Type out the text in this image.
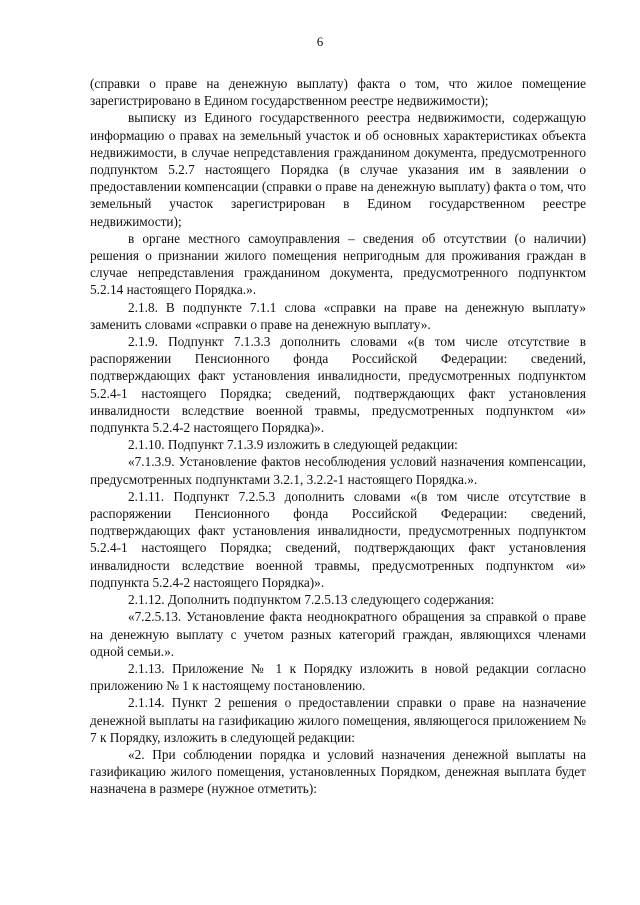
6

(справки о праве на денежную выплату) факта о том, что жилое помещение зарегистрировано в Едином государственном реестре недвижимости);

выписку из Единого государственного реестра недвижимости, содержащую информацию о правах на земельный участок и об основных характеристиках объекта недвижимости, в случае непредставления гражданином документа, предусмотренного подпунктом 5.2.7 настоящего Порядка (в случае указания им в заявлении о предоставлении компенсации (справки о праве на денежную выплату) факта о том, что земельный участок зарегистрирован в Едином государственном реестре недвижимости);

в органе местного самоуправления – сведения об отсутствии (о наличии) решения о признании жилого помещения непригодным для проживания граждан в случае непредставления гражданином документа, предусмотренного подпунктом 5.2.14 настоящего Порядка.».

2.1.8. В подпункте 7.1.1 слова «справки на праве на денежную выплату» заменить словами «справки о праве на денежную выплату».

2.1.9. Подпункт 7.1.3.3 дополнить словами «(в том числе отсутствие в распоряжении Пенсионного фонда Российской Федерации: сведений, подтверждающих факт установления инвалидности, предусмотренных подпунктом 5.2.4-1 настоящего Порядка; сведений, подтверждающих факт установления инвалидности вследствие военной травмы, предусмотренных подпунктом «и» подпункта 5.2.4-2 настоящего Порядка)».

2.1.10. Подпункт 7.1.3.9 изложить в следующей редакции:

«7.1.3.9. Установление фактов несоблюдения условий назначения компенсации, предусмотренных подпунктами 3.2.1, 3.2.2-1 настоящего Порядка.».

2.1.11. Подпункт 7.2.5.3 дополнить словами «(в том числе отсутствие в распоряжении Пенсионного фонда Российской Федерации: сведений, подтверждающих факт установления инвалидности, предусмотренных подпунктом 5.2.4-1 настоящего Порядка; сведений, подтверждающих факт установления инвалидности вследствие военной травмы, предусмотренных подпунктом «и» подпункта 5.2.4-2 настоящего Порядка)».

2.1.12. Дополнить подпунктом 7.2.5.13 следующего содержания:

«7.2.5.13. Установление факта неоднократного обращения за справкой о праве на денежную выплату с учетом разных категорий граждан, являющихся членами одной семьи.».

2.1.13. Приложение № 1 к Порядку изложить в новой редакции согласно приложению № 1 к настоящему постановлению.

2.1.14. Пункт 2 решения о предоставлении справки о праве на назначение денежной выплаты на газификацию жилого помещения, являющегося приложением № 7 к Порядку, изложить в следующей редакции:

«2. При соблюдении порядка и условий назначения денежной выплаты на газификацию жилого помещения, установленных Порядком, денежная выплата будет назначена в размере (нужное отметить):
